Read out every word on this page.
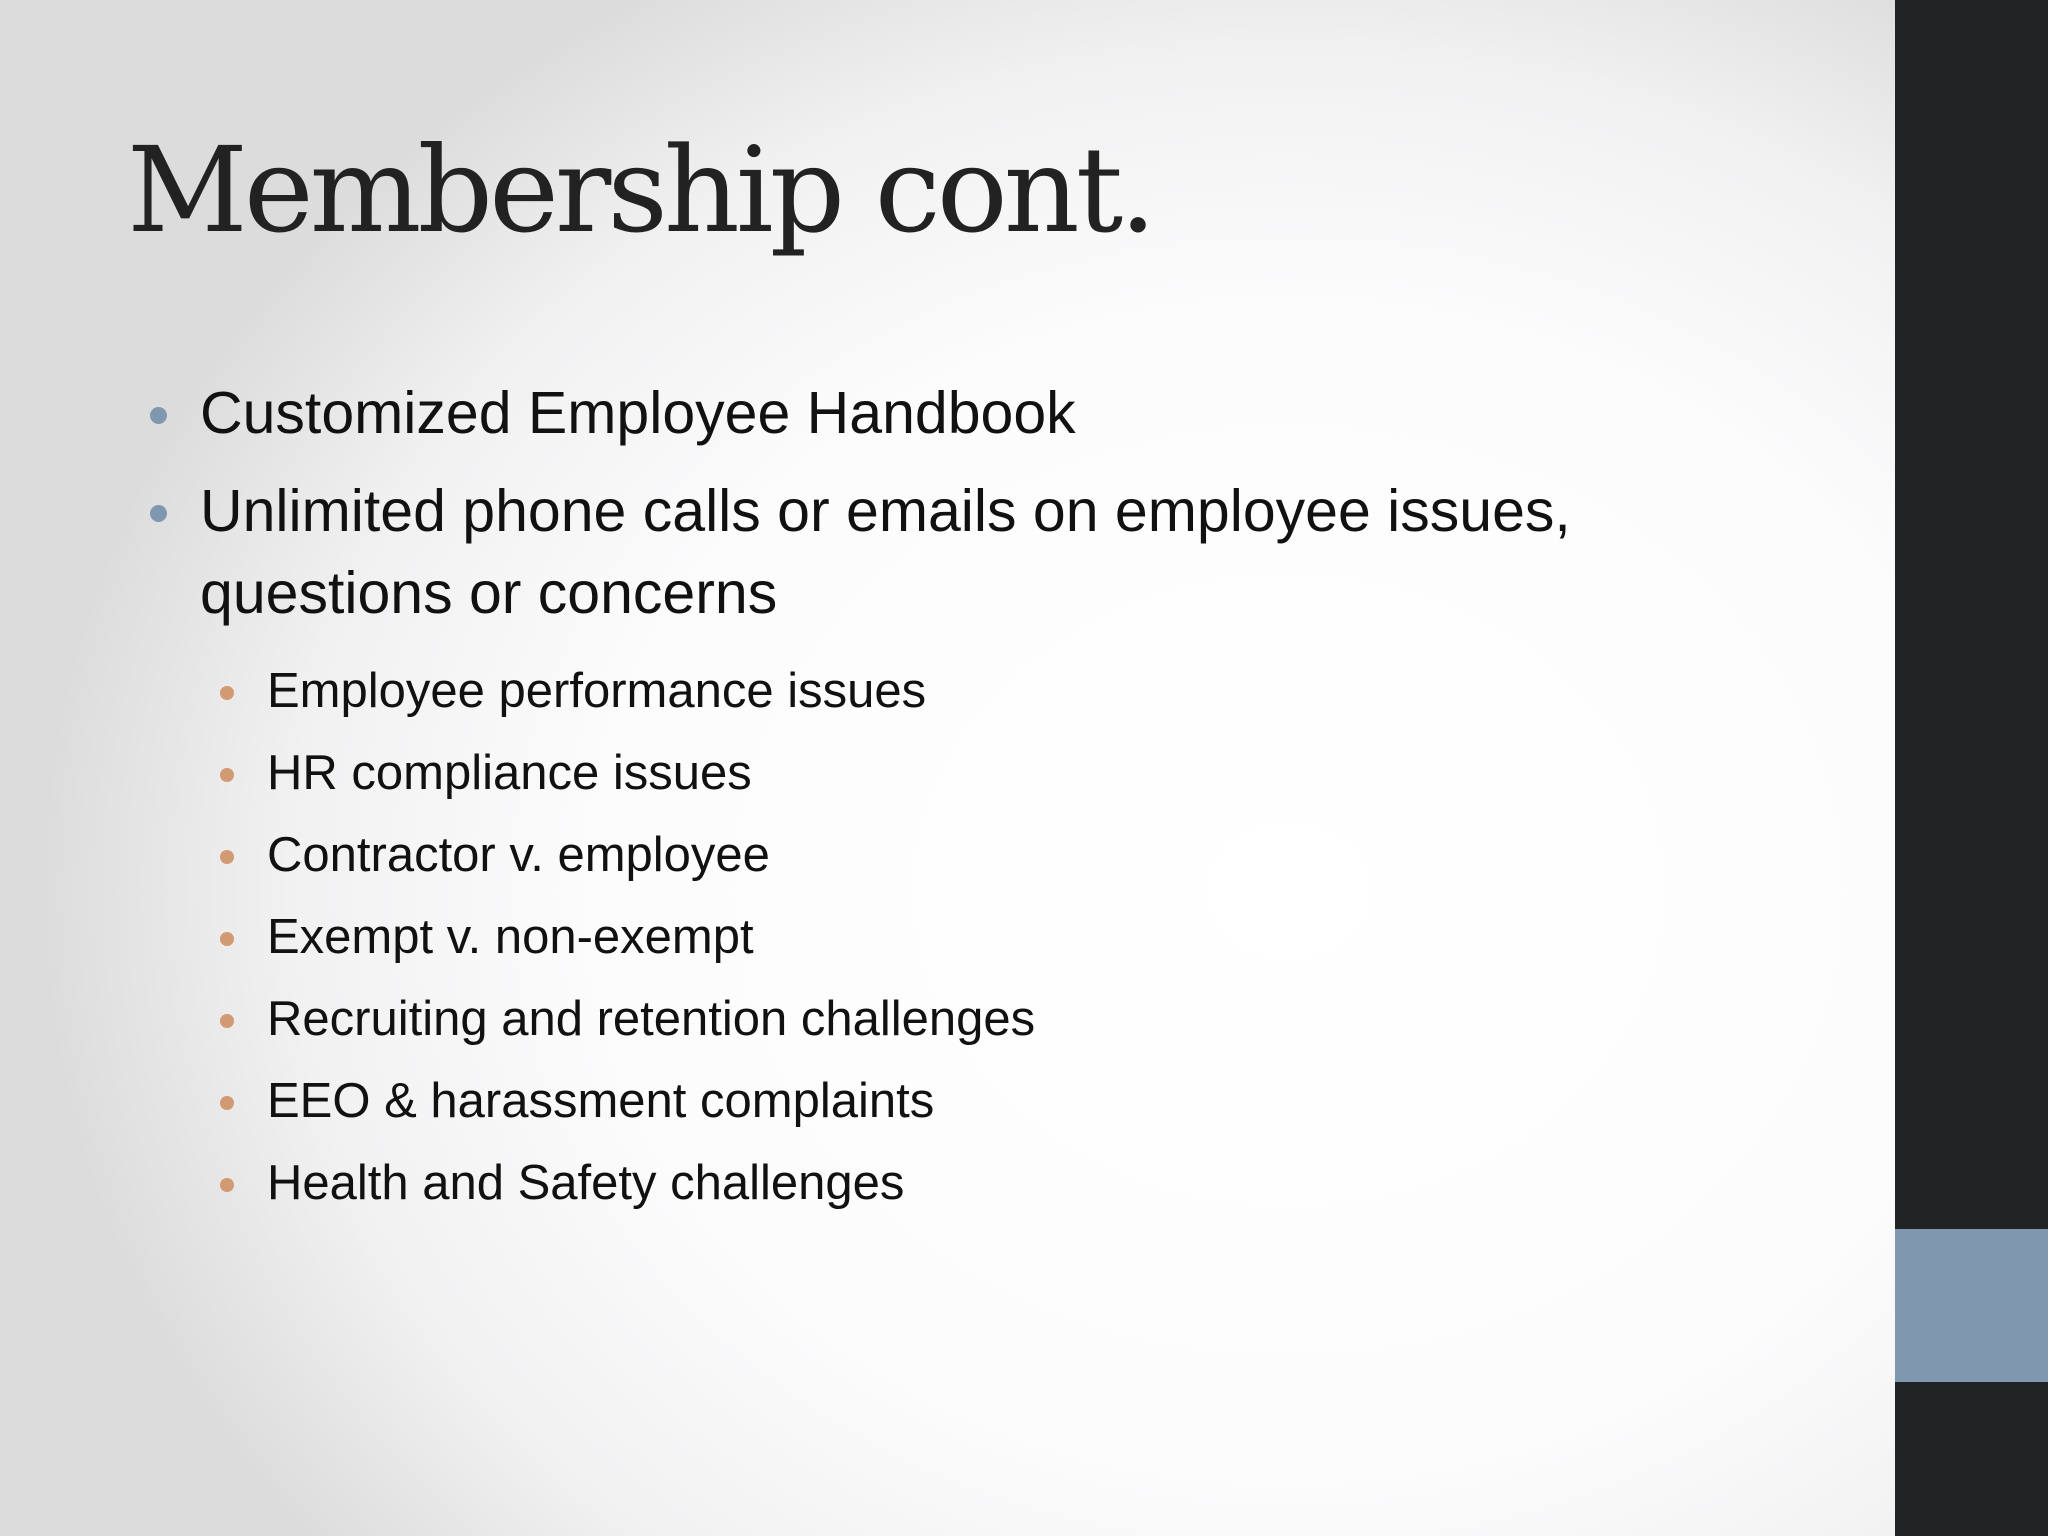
Membership cont.
Customized Employee Handbook
Unlimited phone calls or emails on employee issues, questions or concerns
Employee performance issues
HR compliance issues
Contractor v. employee
Exempt v. non-exempt
Recruiting and retention challenges
EEO & harassment complaints
Health and Safety challenges
